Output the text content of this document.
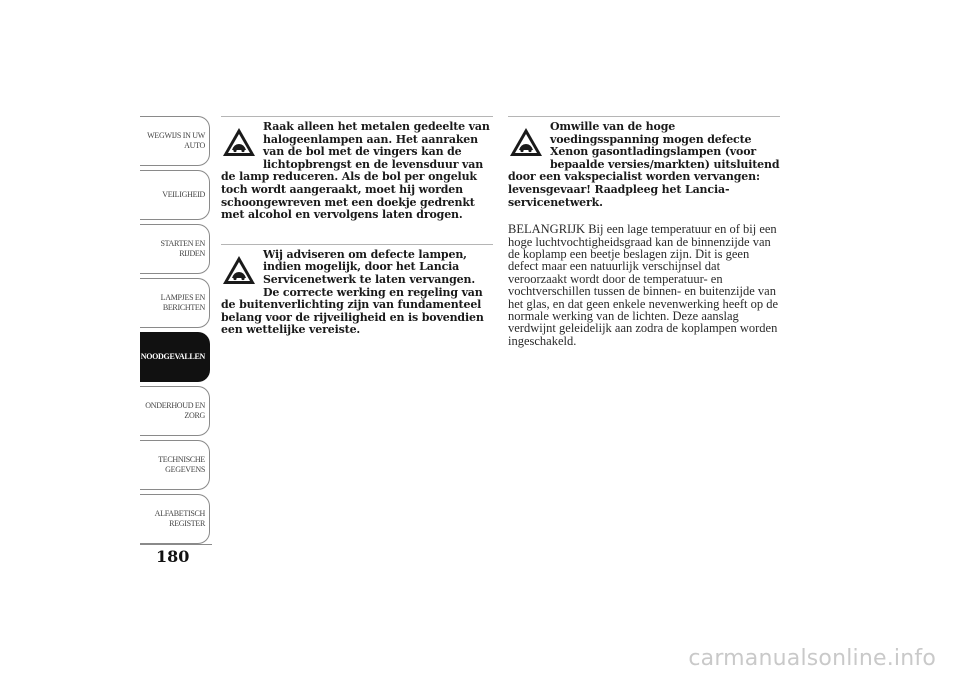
WEGWIJS IN UW
AUTO
VEILIGHEID
STARTEN EN
RIJDEN
LAMPJES EN
BERICHTEN
NOODGEVALLEN
ONDERHOUD EN
ZORG
TECHNISCHE
GEGEVENS
ALFABETISCH
REGISTER
180

Raak alleen het metalen gedeelte van halogeenlampen aan. Het aanraken van de bol met de vingers kan de lichtopbrengst en de levensduur van de lamp reduceren. Als de bol per ongeluk toch wordt aangeraakt, moet hij worden schoongewreven met een doekje gedrenkt met alcohol en vervolgens laten drogen.

Wij adviseren om defecte lampen, indien mogelijk, door het Lancia Servicenetwerk te laten vervangen. De correcte werking en regeling van de buitenverlichting zijn van fundamenteel belang voor de rijveiligheid en is bovendien een wettelijke vereiste.

Omwille van de hoge voedingsspanning mogen defecte Xenon gasontladingslampen (voor bepaalde versies/markten) uitsluitend door een vakspecialist worden vervangen: levensgevaar! Raadpleeg het Lancia-servicenetwerk.

BELANGRIJK Bij een lage temperatuur en of bij een hoge luchtvochtigheidsgraad kan de binnenzijde van de koplamp een beetje beslagen zijn. Dit is geen defect maar een natuurlijk verschijnsel dat veroorzaakt wordt door de temperatuur- en vochtverschillen tussen de binnen- en buitenzijde van het glas, en dat geen enkele nevenwerking heeft op de normale werking van de lichten. Deze aanslag verdwijnt geleidelijk aan zodra de koplampen worden ingeschakeld.

carmanualsonline.info
